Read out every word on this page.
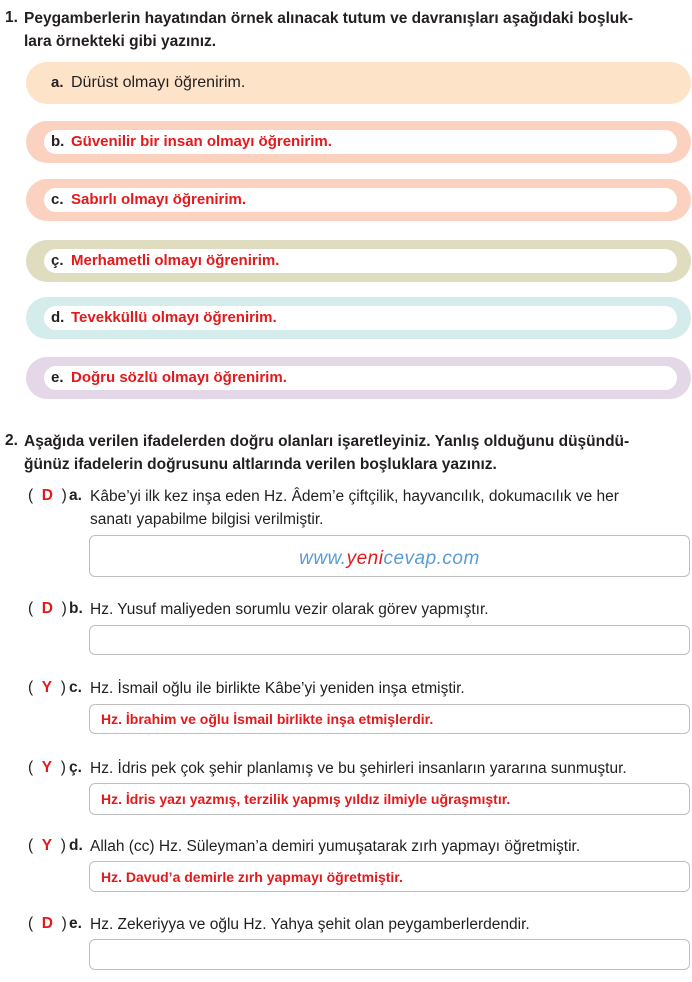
1. Peygamberlerin hayatından örnek alınacak tutum ve davranışları aşağıdaki boşluk-
lara örnekteki gibi yazınız.
a. Dürüst olmayı öğrenirim.
b. Güvenilir bir insan olmayı öğrenirim.
c. Sabırlı olmayı öğrenirim.
ç. Merhametli olmayı öğrenirim.
d. Tevekküllü olmayı öğrenirim.
e. Doğru sözlü olmayı öğrenirim.
2. Aşağıda verilen ifadelerden doğru olanları işaretleyiniz. Yanlış olduğunu düşündü-
ğünüz ifadelerin doğrusunu altlarında verilen boşluklara yazınız.
(  D  ) a. Kâbe’yi ilk kez inşa eden Hz. Âdem’e çiftçilik, hayvancılık, dokumacılık ve her
sanatı yapabilme bilgisi verilmiştir.
www.yenicevap.com
(  D  ) b. Hz. Yusuf maliyeden sorumlu vezir olarak görev yapmıştır.
(  Y  ) c. Hz. İsmail oğlu ile birlikte Kâbe’yi yeniden inşa etmiştir.
Hz. İbrahim ve oğlu İsmail birlikte inşa etmişlerdir.
(  Y  ) ç. Hz. İdris pek çok şehir planlamış ve bu şehirleri insanların yararına sunmuştur.
Hz. İdris yazı yazmış, terzilik yapmış yıldız ilmiyle uğraşmıştır.
(  Y  ) d. Allah (cc) Hz. Süleyman’a demiri yumuşatarak zırh yapmayı öğretmiştir.
Hz. Davud’a demirle zırh yapmayı öğretmiştir.
(  D  ) e. Hz. Zekeriyya ve oğlu Hz. Yahya şehit olan peygamberlerdendir.
